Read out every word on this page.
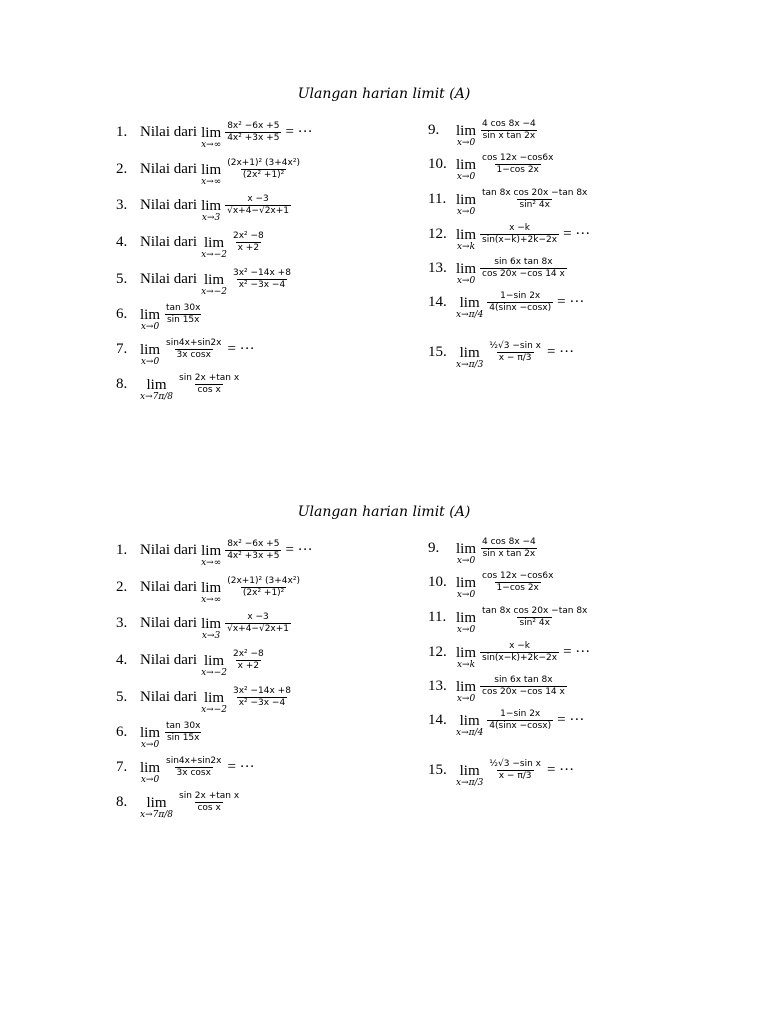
Ulangan harian limit (A)
1. Nilai dari lim
x→∞
$\frac{\text{8x² −6x +5}}{\text{4x² +3x +5}}$ = ···
2. Nilai dari lim
x→∞
$\frac{\text{(2x+1)² (3+4x²)}}{\text{(2x² +1)²}}$
3. Nilai dari lim
x→3
$\frac{x -3}{√x+4-√2x+1}$
4. Nilai dari lim
x→−2
$\frac{\text{2x² −8}}{x +2}$
5. Nilai dari lim
x→−2
$\frac{\text{3x² −14x +8}}{\text{x² −3x −4}}$
6. lim
x→0
$\frac{\tan 30x}{\sin 15x}$
7. lim
x→0
$\frac{\sin 4x+\sin 2x}{\text{3x cosx}}$ = ···
8.	lim
x→7π/8
$\frac{\text{sin 2x +tan x}}{\text{cos x}}$
9.	lim
x→0
$\frac{4 \cos 8x -4}{\text{sin x tan 2x}}$
10. lim
x→0
$\frac{\cos 12x -\cos 6x}{1-\cos 2x}$
11. lim
x→0
$\frac{\text{tan 8x cos 20x −tan 8x}}{\text{sin² 4x}}$
12. lim
x→k
$\frac{x -k}{\sin(x-k)+2k-2x}$ = ···
13. lim
x→0
$\frac{\text{sin 6x tan 8x}}{\cos 20x -\cos 14 x}$
14. lim
x→π/4
$\frac{1-\sin 2x}{4(\sin x -\cos x)}$ = ···
15. lim
x→π/3
$\frac{\text{½√3 −sin x}}{x - \pi/3}$ = ···
Ulangan harian limit (A)
1. Nilai dari lim
x→∞
$\frac{\text{8x² −6x +5}}{\text{4x² +3x +5}}$ = ···
2. Nilai dari lim
x→∞
$\frac{\text{(2x+1)² (3+4x²)}}{\text{(2x² +1)²}}$
3. Nilai dari lim
x→3
$\frac{x -3}{√x+4-√2x+1}$
4. Nilai dari lim
x→−2
$\frac{\text{2x² −8}}{x +2}$
5. Nilai dari lim
x→−2
$\frac{\text{3x² −14x +8}}{\text{x² −3x −4}}$
6. lim
x→0
$\frac{\tan 30x}{\sin 15x}$
7. lim
x→0
$\frac{\sin 4x+\sin 2x}{\text{3x cosx}}$ = ···
8.	lim
x→7π/8
$\frac{\text{sin 2x +tan x}}{\text{cos x}}$
9.	lim
x→0
$\frac{4 \cos 8x -4}{\text{sin x tan 2x}}$
10. lim
x→0
$\frac{\cos 12x -\cos 6x}{1-\cos 2x}$
11. lim
x→0
$\frac{\text{tan 8x cos 20x −tan 8x}}{\text{sin² 4x}}$
12. lim
x→k
$\frac{x -k}{\sin(x-k)+2k-2x}$ = ···
13. lim
x→0
$\frac{\text{sin 6x tan 8x}}{\cos 20x -\cos 14 x}$
14. lim
x→π/4
$\frac{1-\sin 2x}{4(\sin x -\cos x)}$ = ···
15. lim
x→π/3
$\frac{\text{½√3 −sin x}}{x - \pi/3}$ = ···
